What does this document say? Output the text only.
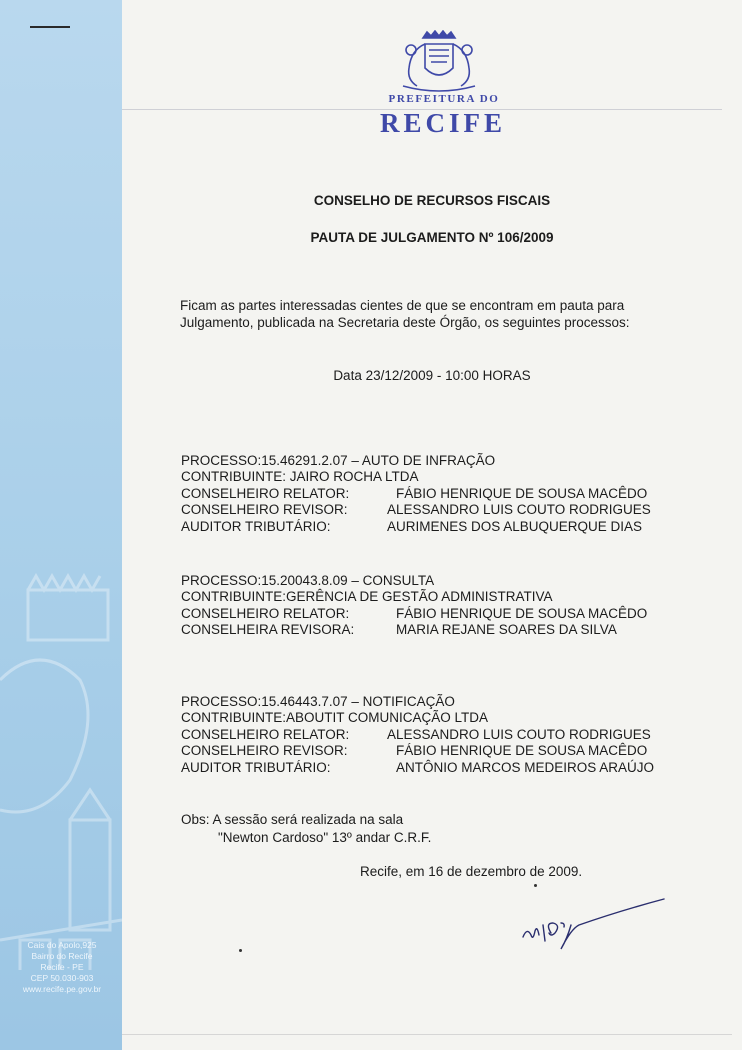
Cais do Apolo,925
Bairro do Recife
Recife - PE
CEP 50.030-903
www.recife.pe.gov.br
PREFEITURA DO
RECIFE
CONSELHO DE RECURSOS FISCAIS
PAUTA DE JULGAMENTO Nº 106/2009
Ficam as partes interessadas cientes de que se encontram em pauta para Julgamento, publicada na Secretaria deste Órgão, os seguintes processos:
Data 23/12/2009 - 10:00 HORAS
PROCESSO:15.46291.2.07 – AUTO DE INFRAÇÃO
CONTRIBUINTE: JAIRO ROCHA LTDA
CONSELHEIRO RELATOR:	FÁBIO HENRIQUE DE SOUSA MACÊDO
CONSELHEIRO REVISOR:	ALESSANDRO LUIS COUTO RODRIGUES
AUDITOR TRIBUTÁRIO:	AURIMENES DOS ALBUQUERQUE DIAS
PROCESSO:15.20043.8.09 – CONSULTA
CONTRIBUINTE:GERÊNCIA DE GESTÃO ADMINISTRATIVA
CONSELHEIRO RELATOR:	FÁBIO HENRIQUE DE SOUSA MACÊDO
CONSELHEIRA REVISORA:	MARIA REJANE SOARES DA SILVA
PROCESSO:15.46443.7.07 – NOTIFICAÇÃO
CONTRIBUINTE:ABOUTIT COMUNICAÇÃO LTDA
CONSELHEIRO RELATOR:	ALESSANDRO LUIS COUTO RODRIGUES
CONSELHEIRO REVISOR:	FÁBIO HENRIQUE DE SOUSA MACÊDO
AUDITOR TRIBUTÁRIO:	ANTÔNIO MARCOS MEDEIROS ARAÚJO
Obs: A sessão será realizada na sala
"Newton Cardoso" 13º andar C.R.F.
Recife, em 16 de dezembro de 2009.
